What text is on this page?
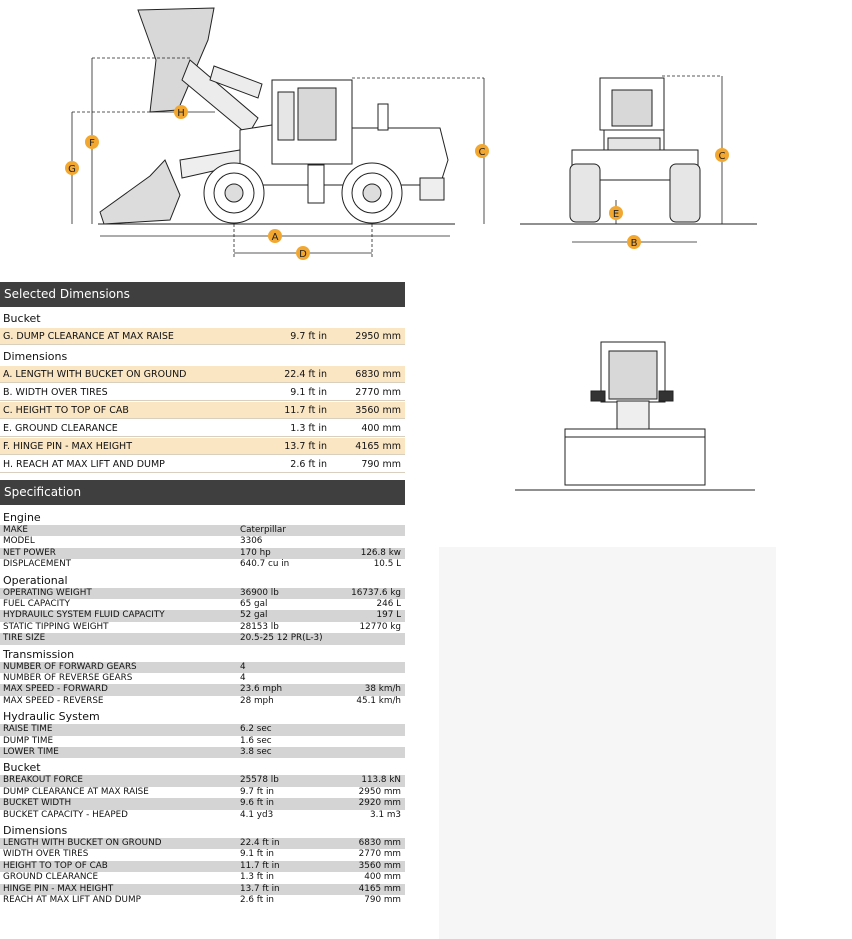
A
D
F
G
H
C	C
E
B
Selected Dimensions
Bucket
G. DUMP CLEARANCE AT MAX RAISE	9.7 ft in	2950 mm
Dimensions
A. LENGTH WITH BUCKET ON GROUND	22.4 ft in	6830 mm
B. WIDTH OVER TIRES	9.1 ft in	2770 mm
C. HEIGHT TO TOP OF CAB	11.7 ft in	3560 mm
E. GROUND CLEARANCE	1.3 ft in	400 mm
F. HINGE PIN - MAX HEIGHT	13.7 ft in	4165 mm
H. REACH AT MAX LIFT AND DUMP	2.6 ft in	790 mm
Specification
Engine
MAKE	Caterpillar
MODEL	3306
NET POWER	170 hp	126.8 kw
DISPLACEMENT	640.7 cu in	10.5 L
Operational
OPERATING WEIGHT	36900 lb	16737.6 kg
FUEL CAPACITY	65 gal	246 L
HYDRAUILC SYSTEM FLUID CAPACITY	52 gal	197 L
STATIC TIPPING WEIGHT	28153 lb	12770 kg
TIRE SIZE	20.5-25 12 PR(L-3)
Transmission
NUMBER OF FORWARD GEARS	4
NUMBER OF REVERSE GEARS	4
MAX SPEED - FORWARD	23.6 mph	38 km/h
MAX SPEED - REVERSE	28 mph	45.1 km/h
Hydraulic System
RAISE TIME	6.2 sec
DUMP TIME	1.6 sec
LOWER TIME	3.8 sec
Bucket
BREAKOUT FORCE	25578 lb	113.8 kN
DUMP CLEARANCE AT MAX RAISE	9.7 ft in	2950 mm
BUCKET WIDTH	9.6 ft in	2920 mm
BUCKET CAPACITY - HEAPED	4.1 yd3	3.1 m3
Dimensions
LENGTH WITH BUCKET ON GROUND	22.4 ft in	6830 mm
WIDTH OVER TIRES	9.1 ft in	2770 mm
HEIGHT TO TOP OF CAB	11.7 ft in	3560 mm
GROUND CLEARANCE	1.3 ft in	400 mm
HINGE PIN - MAX HEIGHT	13.7 ft in	4165 mm
REACH AT MAX LIFT AND DUMP	2.6 ft in	790 mm
